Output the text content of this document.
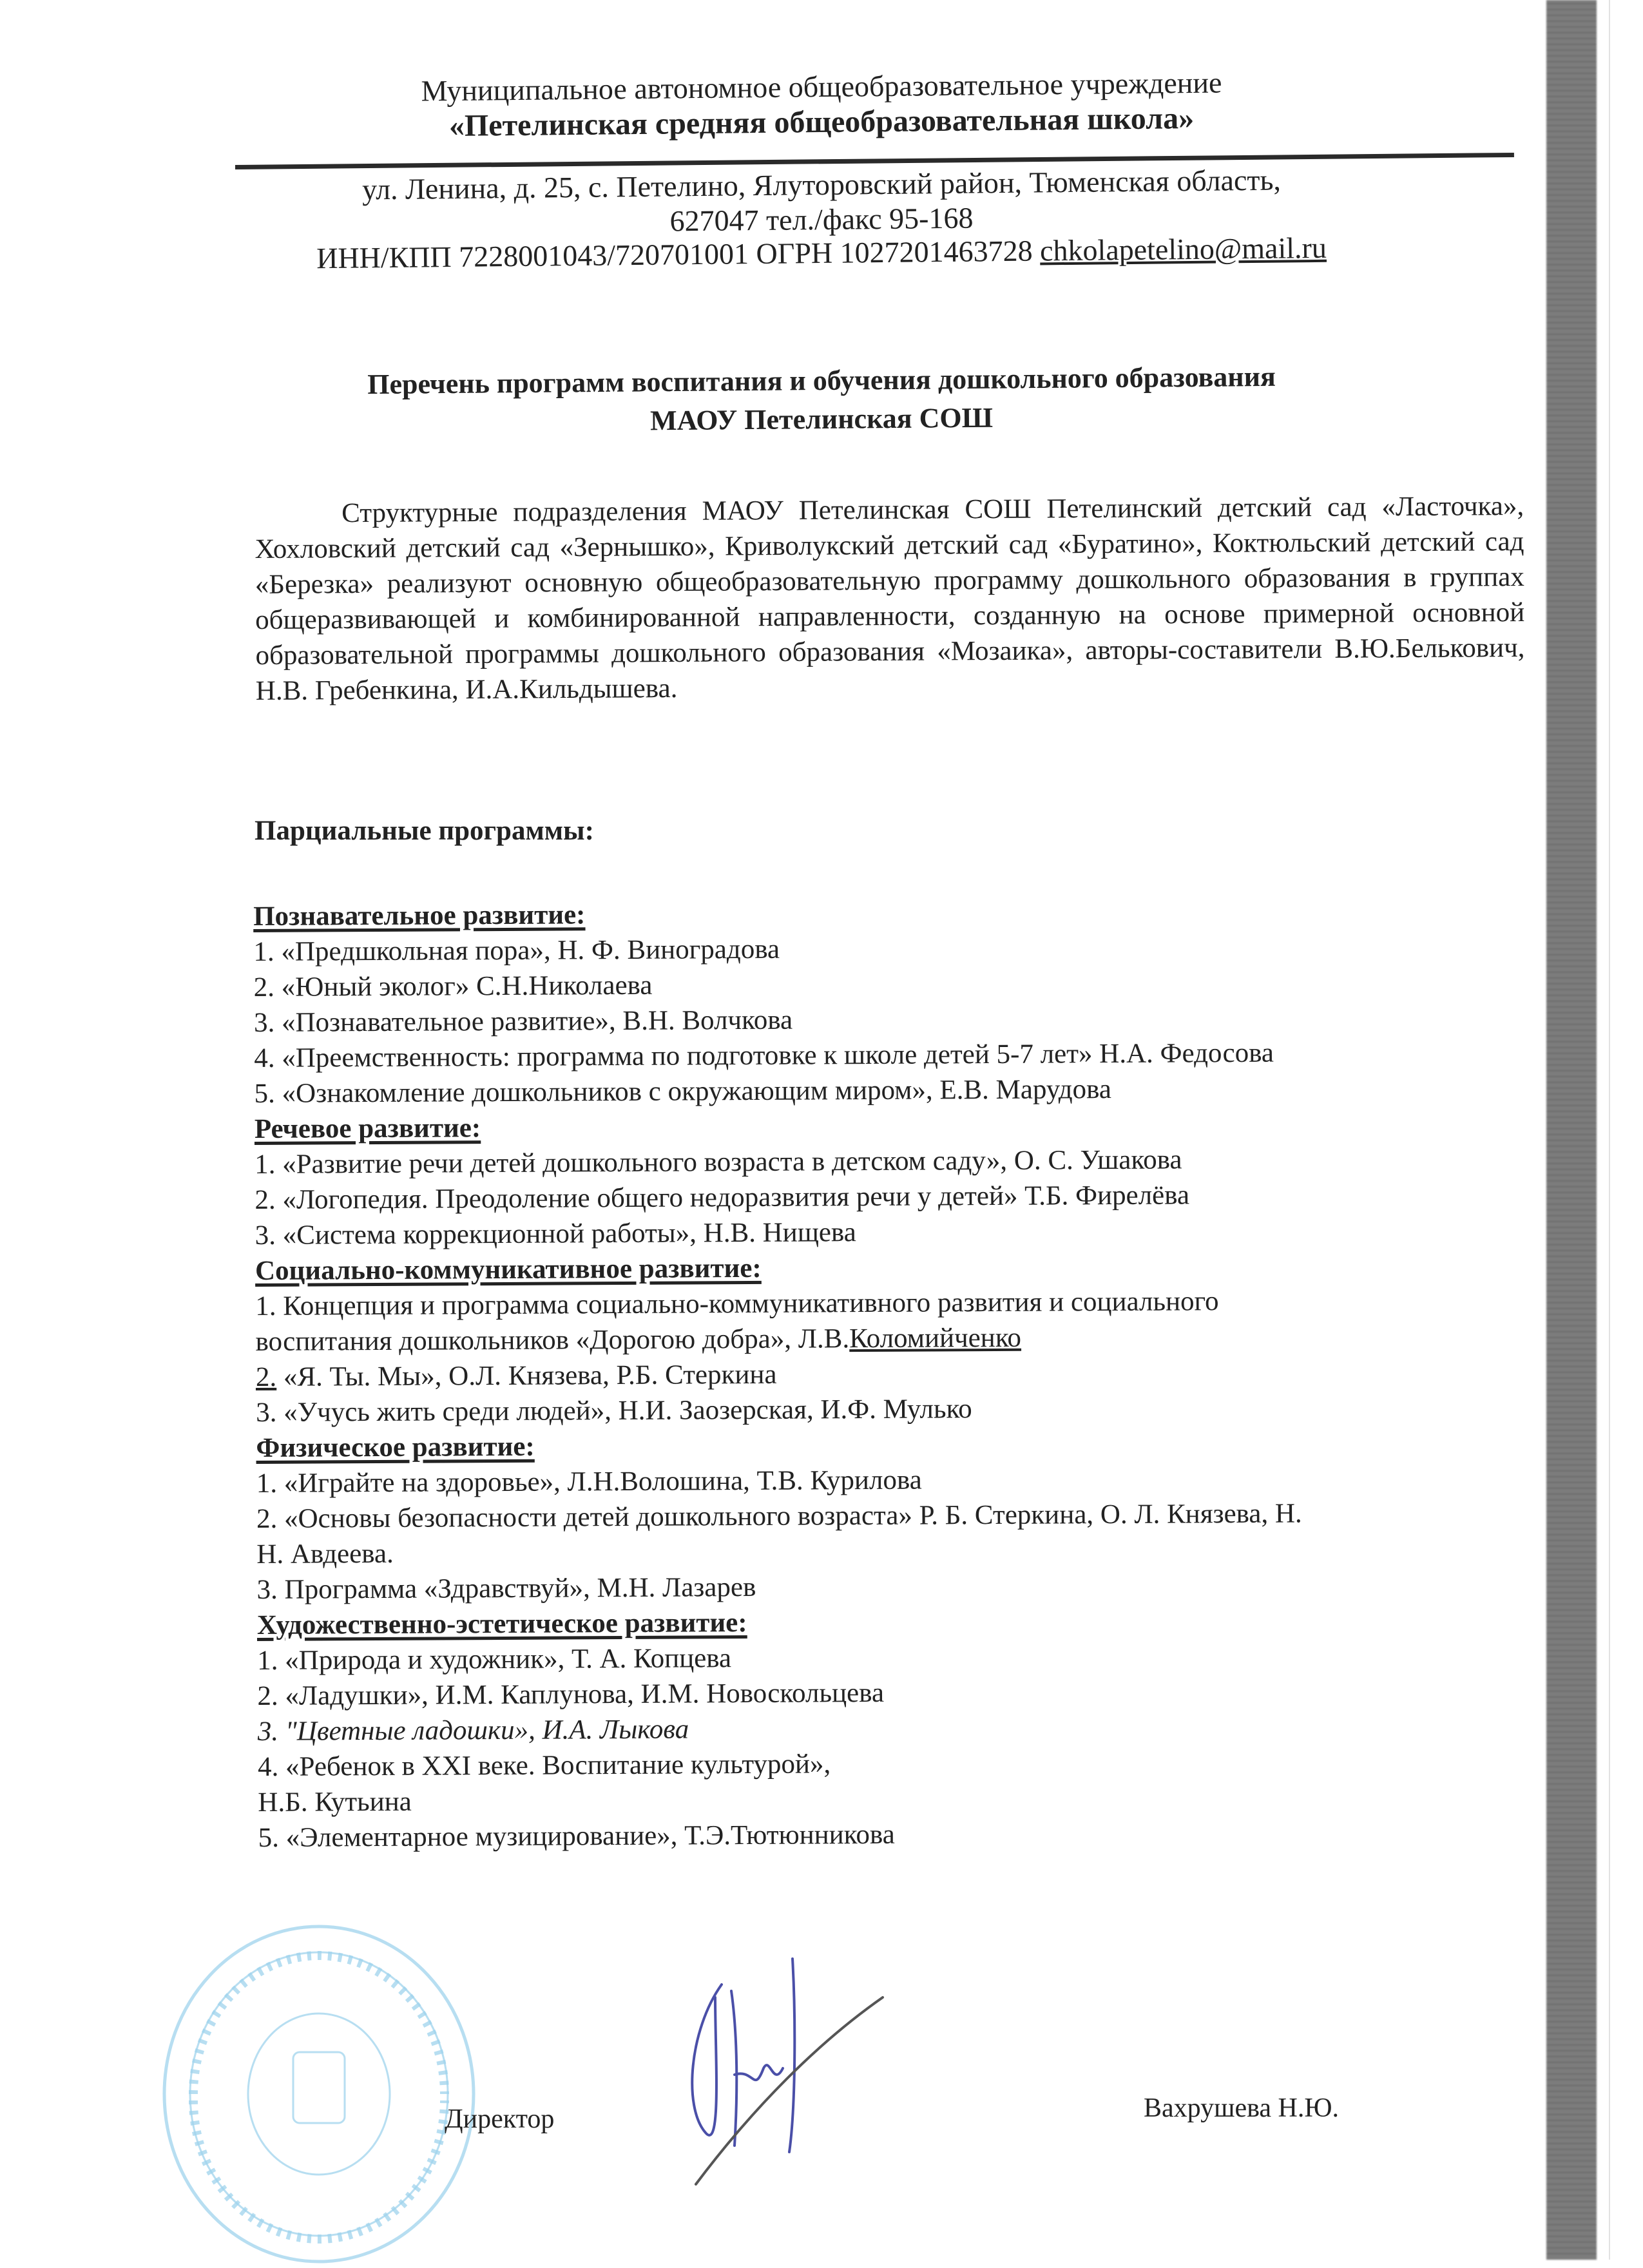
Муниципальное автономное общеобразовательное учреждение
«Петелинская средняя общеобразовательная школа»
ул. Ленина, д. 25, с. Петелино, Ялуторовский район, Тюменская область,
627047 тел./факс 95-168
ИНН/КПП 7228001043/720701001 ОГРН 1027201463728 chkolapetelino@mail.ru
Перечень программ воспитания и обучения дошкольного образования
МАОУ Петелинская СОШ
Структурные подразделения МАОУ Петелинская СОШ Петелинский детский сад «Ласточка», Хохловский детский сад «Зернышко», Криволукский детский сад «Буратино», Коктюльский детский сад «Березка» реализуют основную общеобразовательную программу дошкольного образования в группах общеразвивающей и комбинированной направленности, созданную на основе примерной основной образовательной программы дошкольного образования «Мозаика», авторы-составители В.Ю.Белькович, Н.В. Гребенкина, И.А.Кильдышева.
Парциальные программы:
Познавательное развитие:
1. «Предшкольная пора», Н. Ф. Виноградова
2. «Юный эколог» С.Н.Николаева
3. «Познавательное развитие», В.Н. Волчкова
4. «Преемственность: программа по подготовке к школе детей 5-7 лет» Н.А. Федосова
5. «Ознакомление дошкольников с окружающим миром», Е.В. Марудова
Речевое развитие:
1. «Развитие речи детей дошкольного возраста в детском саду», О. С. Ушакова
2. «Логопедия. Преодоление общего недоразвития речи у детей» Т.Б. Фирелёва
3. «Система коррекционной работы», Н.В. Нищева
Социально-коммуникативное развитие:
1. Концепция и программа социально-коммуникативного развития и социального
воспитания дошкольников «Дорогою добра», Л.В.Коломийченко
2. «Я. Ты. Мы», О.Л. Князева, Р.Б. Стеркина
3. «Учусь жить среди людей», Н.И. Заозерская, И.Ф. Мулько
Физическое развитие:
1. «Играйте на здоровье», Л.Н.Волошина, Т.В. Курилова
2. «Основы безопасности детей дошкольного возраста» Р. Б. Стеркина, О. Л. Князева, Н.
Н. Авдеева.
3. Программа «Здравствуй», М.Н. Лазарев
Художественно-эстетическое развитие:
1. «Природа и художник», Т. А. Копцева
2. «Ладушки», И.М. Каплунова, И.М. Новоскольцева
3. "Цветные ладошки», И.А. Лыкова
4. «Ребенок в XXI веке. Воспитание культурой»,
Н.Б. Кутьина
5. «Элементарное музицирование», Т.Э.Тютюнникова
Директор	Вахрушева Н.Ю.
